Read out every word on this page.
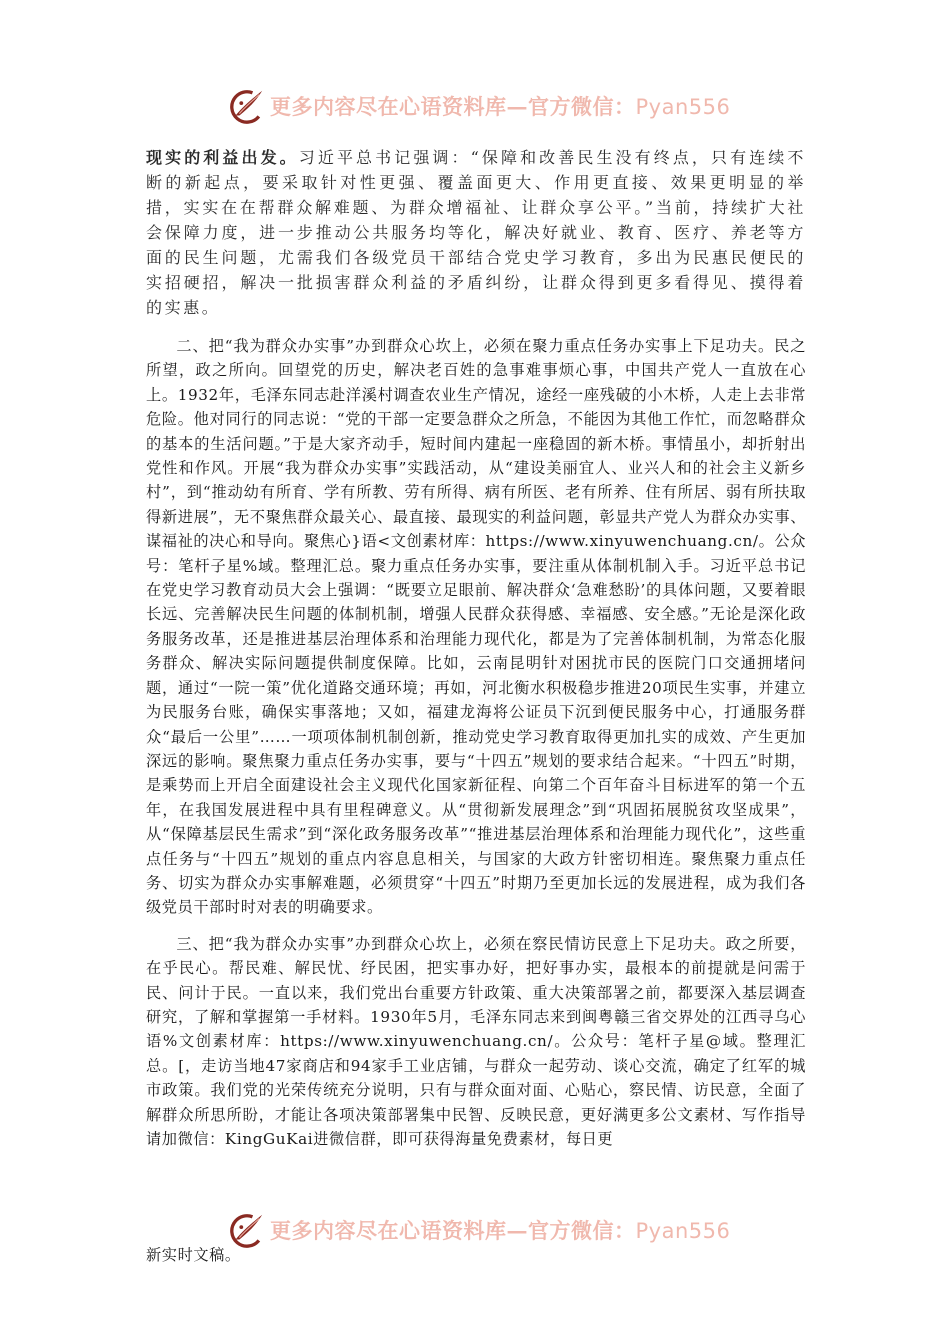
更多内容尽在心语资料库—官方微信：Pyan556

现实的利益出发。习近平总书记强调：“保障和改善民生没有终点，只有连续不断的新起点，要采取针对性更强、覆盖面更大、作用更直接、效果更明显的举措，实实在在帮群众解难题、为群众增福祉、让群众享公平。”当前，持续扩大社会保障力度，进一步推动公共服务均等化，解决好就业、教育、医疗、养老等方面的民生问题，尤需我们各级党员干部结合党史学习教育，多出为民惠民便民的实招硬招，解决一批损害群众利益的矛盾纠纷，让群众得到更多看得见、摸得着的实惠。

二、把“我为群众办实事”办到群众心坎上，必须在聚力重点任务办实事上下足功夫。民之所望，政之所向。回望党的历史，解决老百姓的急事难事烦心事，中国共产党人一直放在心上。1932年，毛泽东同志赴洋溪村调查农业生产情况，途经一座残破的小木桥，人走上去非常危险。他对同行的同志说：“党的干部一定要急群众之所急，不能因为其他工作忙，而忽略群众的基本的生活问题。”于是大家齐动手，短时间内建起一座稳固的新木桥。事情虽小，却折射出党性和作风。开展“我为群众办实事”实践活动，从“建设美丽宜人、业兴人和的社会主义新乡村”，到“推动幼有所育、学有所教、劳有所得、病有所医、老有所养、住有所居、弱有所扶取得新进展”，无不聚焦群众最关心、最直接、最现实的利益问题，彰显共产党人为群众办实事、谋福祉的决心和导向。聚焦心}语<文创素材库：https://www.xinyuwenchuang.cn/。公众号：笔杆子星%域。整理汇总。聚力重点任务办实事，要注重从体制机制入手。习近平总书记在党史学习教育动员大会上强调：“既要立足眼前、解决群众‘急难愁盼’的具体问题，又要着眼长远、完善解决民生问题的体制机制，增强人民群众获得感、幸福感、安全感。”无论是深化政务服务改革，还是推进基层治理体系和治理能力现代化，都是为了完善体制机制，为常态化服务群众、解决实际问题提供制度保障。比如，云南昆明针对困扰市民的医院门口交通拥堵问题，通过“一院一策”优化道路交通环境；再如，河北衡水积极稳步推进20项民生实事，并建立为民服务台账，确保实事落地；又如，福建龙海将公证员下沉到便民服务中心，打通服务群众“最后一公里”……一项项体制机制创新，推动党史学习教育取得更加扎实的成效、产生更加深远的影响。聚焦聚力重点任务办实事，要与“十四五”规划的要求结合起来。“十四五”时期，是乘势而上开启全面建设社会主义现代化国家新征程、向第二个百年奋斗目标进军的第一个五年，在我国发展进程中具有里程碑意义。从“贯彻新发展理念”到“巩固拓展脱贫攻坚成果”，从“保障基层民生需求”到“深化政务服务改革”“推进基层治理体系和治理能力现代化”，这些重点任务与“十四五”规划的重点内容息息相关，与国家的大政方针密切相连。聚焦聚力重点任务、切实为群众办实事解难题，必须贯穿“十四五”时期乃至更加长远的发展进程，成为我们各级党员干部时时对表的明确要求。

三、把“我为群众办实事”办到群众心坎上，必须在察民情访民意上下足功夫。政之所要，在乎民心。帮民难、解民忧、纾民困，把实事办好，把好事办实，最根本的前提就是问需于民、问计于民。一直以来，我们党出台重要方针政策、重大决策部署之前，都要深入基层调查研究，了解和掌握第一手材料。1930年5月，毛泽东同志来到闽粤赣三省交界处的江西寻乌心语%文创素材库：https://www.xinyuwenchuang.cn/。公众号：笔杆子星@域。整理汇总。[，走访当地47家商店和94家手工业店铺，与群众一起劳动、谈心交流，确定了红军的城市政策。我们党的光荣传统充分说明，只有与群众面对面、心贴心，察民情、访民意，全面了解群众所思所盼，才能让各项决策部署集中民智、反映民意，更好满更多公文素材、写作指导请加微信：KingGuKai进微信群，即可获得海量免费素材，每日更

更多内容尽在心语资料库—官方微信：Pyan556
新实时文稿。
